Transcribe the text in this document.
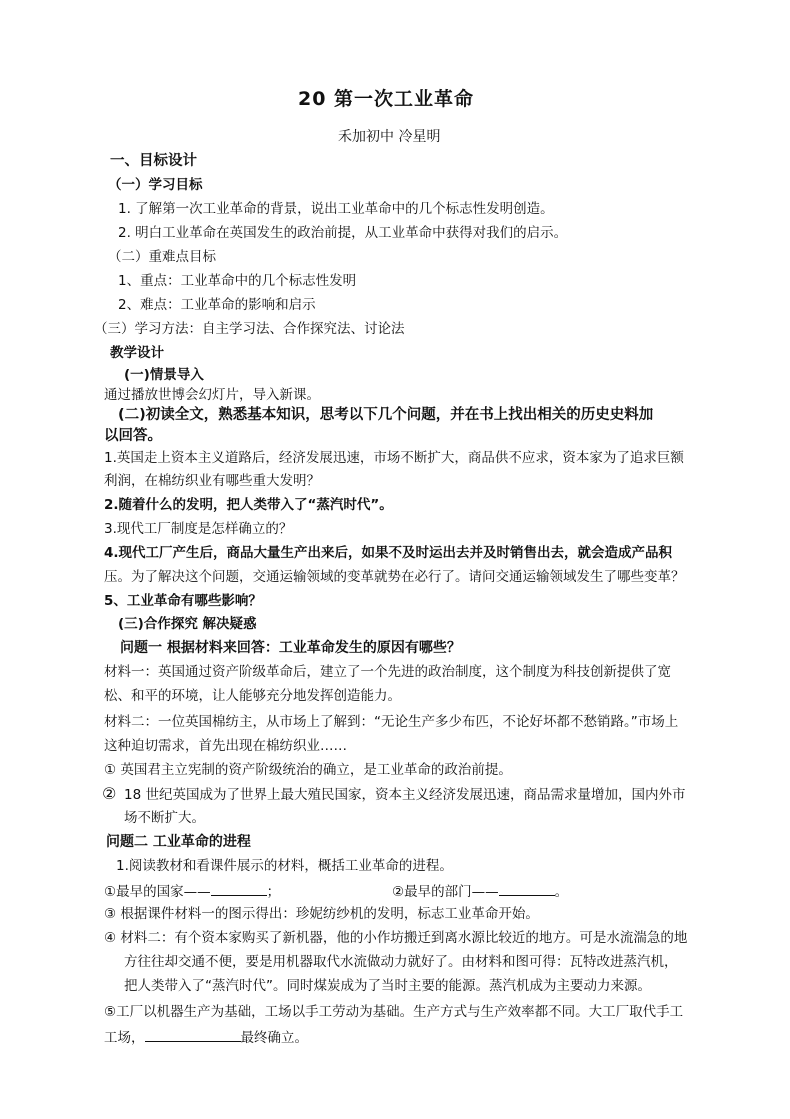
20 第一次工业革命
禾加初中 冷星明
一、目标设计
（一）学习目标
1. 了解第一次工业革命的背景，说出工业革命中的几个标志性发明创造。
2. 明白工业革命在英国发生的政治前提，从工业革命中获得对我们的启示。
（二）重难点目标
1、重点：工业革命中的几个标志性发明
2、难点：工业革命的影响和启示
（三）学习方法：自主学习法、合作探究法、讨论法
教学设计
(一)情景导入
通过播放世博会幻灯片，导入新课。
(二)初读全文，熟悉基本知识，思考以下几个问题，并在书上找出相关的历史史料加
以回答。
1.英国走上资本主义道路后，经济发展迅速，市场不断扩大，商品供不应求，资本家为了追求巨额
利润，在棉纺织业有哪些重大发明？
2.随着什么的发明，把人类带入了“蒸汽时代”。
3.现代工厂制度是怎样确立的？
4.现代工厂产生后，商品大量生产出来后，如果不及时运出去并及时销售出去，就会造成产品积
压。为了解决这个问题，交通运输领域的变革就势在必行了。请问交通运输领域发生了哪些变革？
5、工业革命有哪些影响？
(三)合作探究 解决疑惑
问题一 根据材料来回答：工业革命发生的原因有哪些？
材料一：英国通过资产阶级革命后，建立了一个先进的政治制度，这个制度为科技创新提供了宽
松、和平的环境，让人能够充分地发挥创造能力。
材料二：一位英国棉纺主，从市场上了解到：“无论生产多少布匹，不论好坏都不愁销路。”市场上
这种迫切需求，首先出现在棉纺织业……
① 英国君主立宪制的资产阶级统治的确立，是工业革命的政治前提。
② 18 世纪英国成为了世界上最大殖民国家，资本主义经济发展迅速，商品需求量增加，国内外市
场不断扩大。
问题二 工业革命的进程
1.阅读教材和看课件展示的材料，概括工业革命的进程。
①最早的国家——	；	②最早的部门——	。
③ 根据课件材料一的图示得出：珍妮纺纱机的发明，标志工业革命开始。
④ 材料二：有个资本家购买了新机器，他的小作坊搬迁到离水源比较近的地方。可是水流湍急的地
方往往却交通不便，要是用机器取代水流做动力就好了。由材料和图可得：瓦特改进蒸汽机，
把人类带入了“蒸汽时代”。同时煤炭成为了当时主要的能源。蒸汽机成为主要动力来源。
⑤工厂以机器生产为基础，工场以手工劳动为基础。生产方式与生产效率都不同。大工厂取代手工
工场，	最终确立。
